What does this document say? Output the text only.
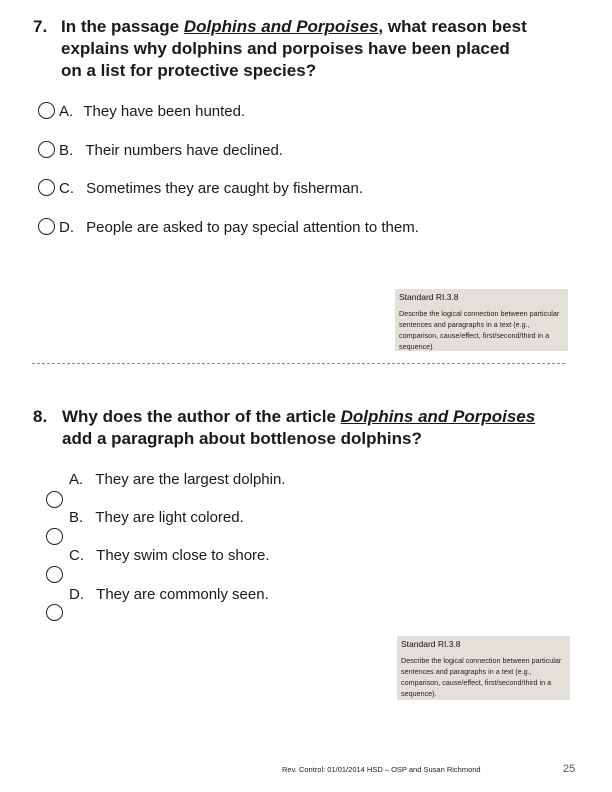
7. In the passage Dolphins and Porpoises, what reason best explains why dolphins and porpoises have been placed on a list for protective species?
A. They have been hunted.
B. Their numbers have declined.
C. Sometimes they are caught by fisherman.
D. People are asked to pay special attention to them.
Standard RI.3.8
Describe the logical connection between particular sentences and paragraphs in a text (e.g., comparison, cause/effect, first/second/third in a sequence).
8. Why does the author of the article Dolphins and Porpoises add a paragraph about bottlenose dolphins?
A. They are the largest dolphin.
B. They are light colored.
C. They swim close to shore.
D. They are commonly seen.
Standard RI.3.8
Describe the logical connection between particular sentences and paragraphs in a text (e.g., comparison, cause/effect, first/second/third in a sequence).
Rev. Control: 01/01/2014 HSD – OSP and Susan Richmond	25
